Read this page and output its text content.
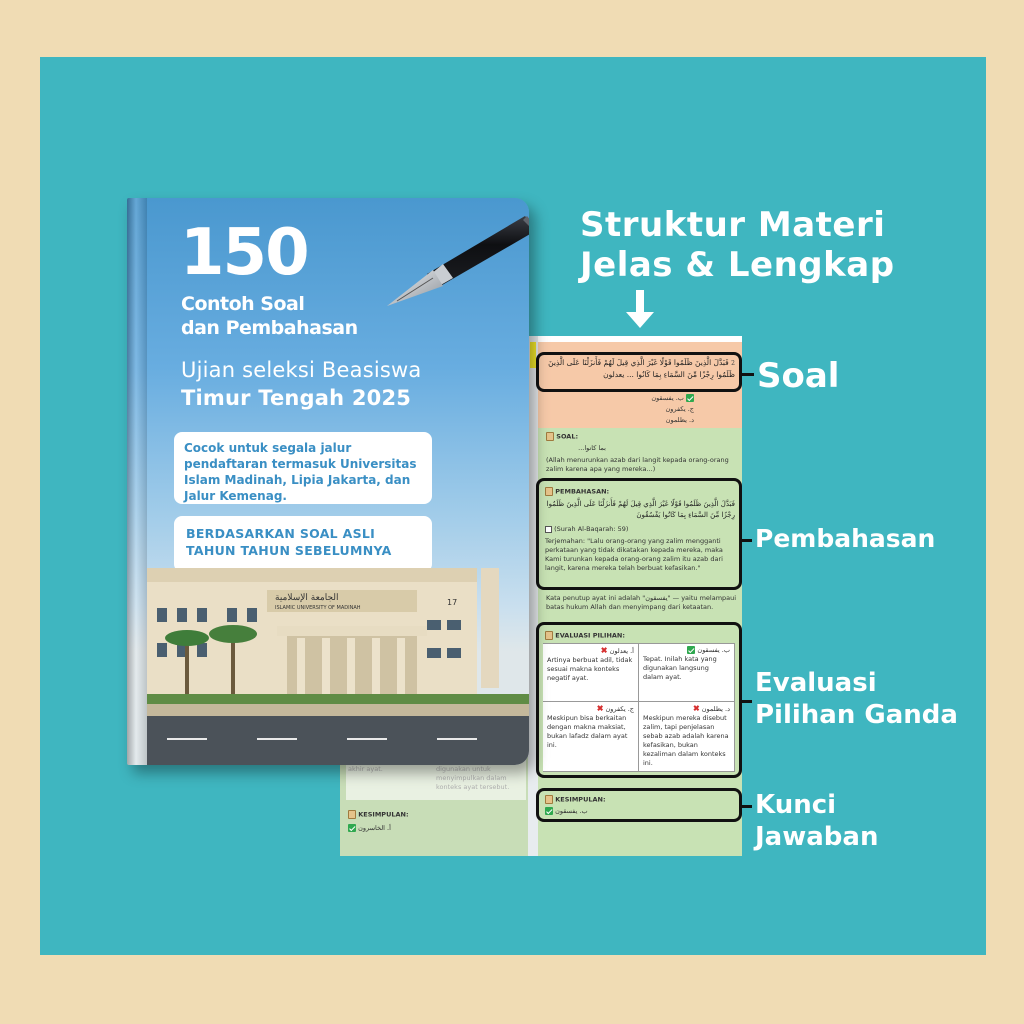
KESIMPULAN:
أ. الخاسرون
2 فَبَدَّلَ الَّذِينَ ظَلَمُوا قَوْلًا غَيْرَ الَّذِي قِيلَ لَهُمْ فَأَنزَلْنَا عَلَى الَّذِينَ ظَلَمُوا رِجْزًا مِّنَ السَّمَاءِ بِمَا كَانُوا ... يعدلون
ب. يفسقون
ج. يكفرون
د. يظلمون
SOAL:
بما كانوا...
(Allah menurunkan azab dari langit kepada orang-orang zalim karena apa yang mereka...)
PEMBAHASAN:
فَبَدَّلَ الَّذِينَ ظَلَمُوا قَوْلًا غَيْرَ الَّذِي قِيلَ لَهُمْ فَأَنزَلْنَا عَلَى الَّذِينَ ظَلَمُوا رِجْزًا مِّنَ السَّمَاءِ بِمَا كَانُوا يَفْسُقُونَ
(Surah Al-Baqarah: 59)
Terjemahan: "Lalu orang-orang yang zalim mengganti perkataan yang tidak dikatakan kepada mereka, maka Kami turunkan kepada orang-orang zalim itu azab dari langit, karena mereka telah berbuat kefasikan."
Kata penutup ayat ini adalah "يفسقون" — yaitu melampaui batas hukum Allah dan menyimpang dari ketaatan.
EVALUASI PILIHAN:
أ. يعدلون ✖
Artinya berbuat adil, tidak sesuai makna konteks negatif ayat.
ب. يفسقون
Tepat. Inilah kata yang digunakan langsung dalam ayat.
ج. يكفرون ✖
Meskipun bisa berkaitan dengan makna maksiat, bukan lafadz dalam ayat ini.
د. يظلمون ✖
Meskipun mereka disebut zalim, tapi penjelasan sebab azab adalah karena kefasikan, bukan kezaliman dalam konteks ini.
KESIMPULAN:
ب. يفسقون
150
Contoh Soal
dan Pembahasan
Ujian seleksi Beasiswa
Timur Tengah 2025
Cocok untuk segala jalur pendaftaran termasuk Universitas Islam Madinah, Lipia Jakarta, dan Jalur Kemenag.
BERDASARKAN SOAL ASLI
TAHUN TAHUN SEBELUMNYA
الجامعة الإسلامية
ISLAMIC UNIVERSITY OF MADINAH
17
Struktur Materi
Jelas & Lengkap
Soal
Pembahasan
Evaluasi
Pilihan Ganda
Kunci
Jawaban
